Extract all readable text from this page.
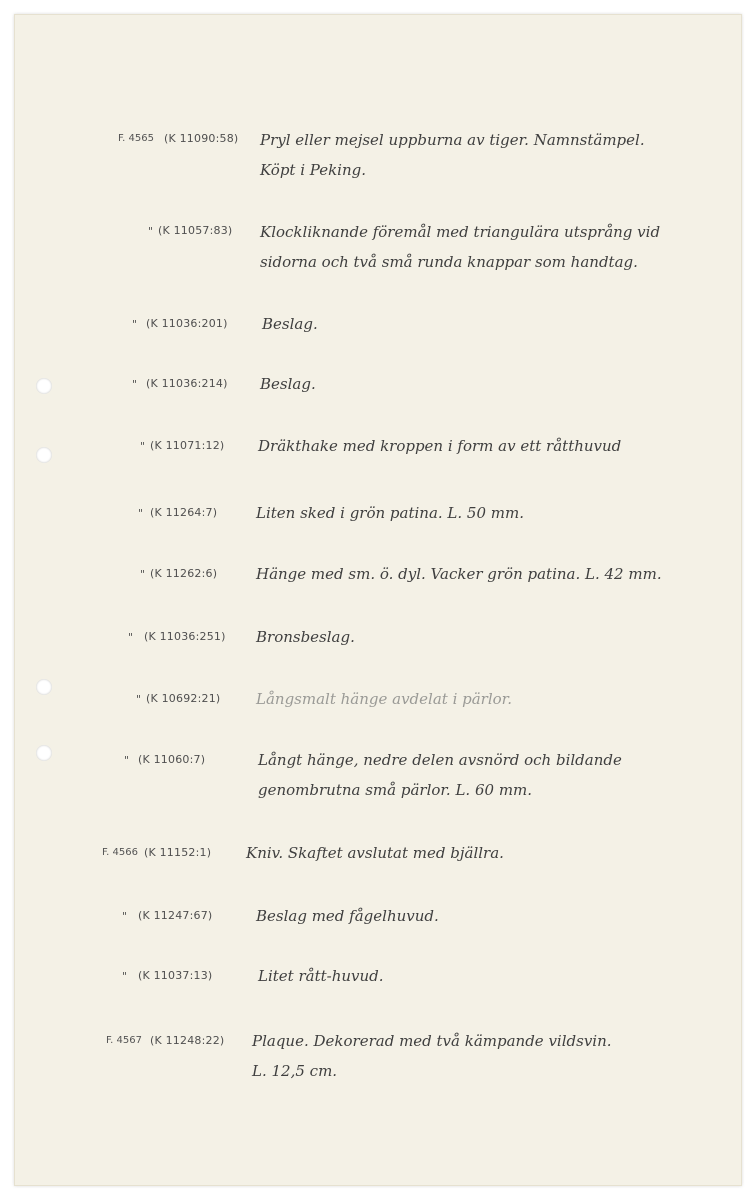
F. 4565 (K 11090:58) Pryl eller mejsel uppburna av tiger. Namnstämpel.
Köpt i Peking.
" (K 11057:83) Klockliknande föremål med triangulära utsprång vid
sidorna och två små runda knappar som handtag.
" (K 11036:201) Beslag.
" (K 11036:214) Beslag.
" (K 11071:12) Dräkthake med kroppen i form av ett råtthuvud
" (K 11264:7)	Liten sked i grön patina. L. 50 mm.
" (K 11262:6)	Hänge med sm. ö. dyl. Vacker grön patina. L. 42 mm.
" (K 11036:251) Bronsbeslag.
" (K 10692:21) Långsmalt hänge avdelat i pärlor.
" (K 11060:7)	Långt hänge, nedre delen avsnörd och bildande
genombrutna små pärlor. L. 60 mm.
F. 4566 (K 11152:1) Kniv. Skaftet avslutat med bjällra.
" (K 11247:67)	Beslag med fågelhuvud.
" (K 11037:13)	Litet rått-huvud.
F. 4567 (K 11248:22) Plaque. Dekorerad med två kämpande vildsvin.
L. 12,5 cm.
